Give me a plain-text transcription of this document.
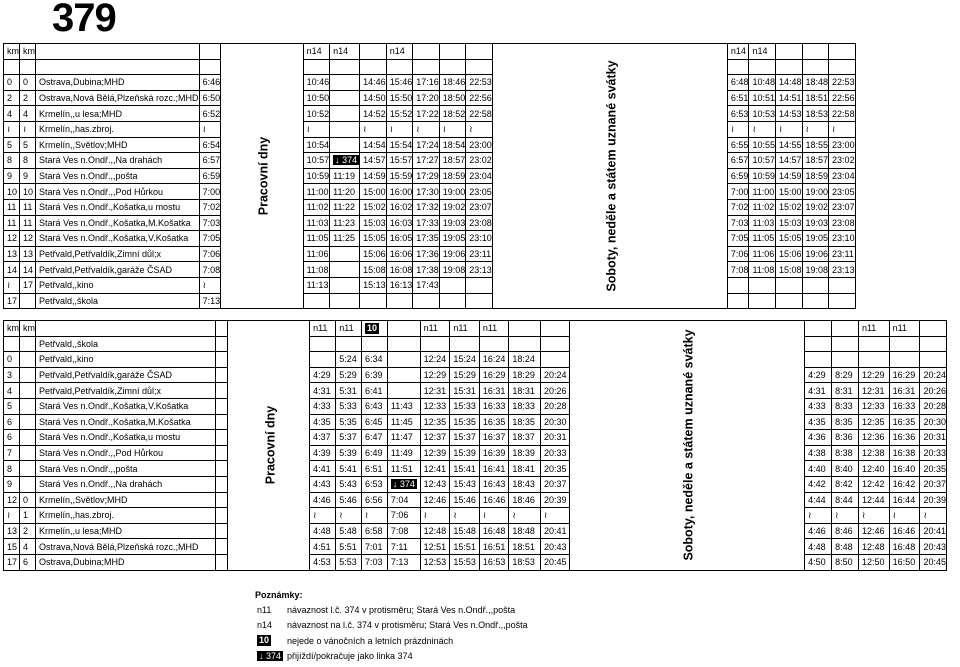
379
km	km			Pracovní dny	n14	n14		n14				Soboty, neděle a státem uznané svátky	n14	n14			

0	0	Ostrava,Dubina;MHD	6:46		10:46		14:46	15:46	17:16	18:46	22:53		6:48	10:48	14:48	18:48	22:53
2	2	Ostrava,Nová Bělá,Plzeňská rozc.;MHD	6:50		10:50		14:50	15:50	17:20	18:50	22:56		6:51	10:51	14:51	18:51	22:56
4	4	Krmelín,,u lesa;MHD	6:52		10:52		14:52	15:52	17:22	18:52	22:58		6:53	10:53	14:53	18:53	22:58
≀	≀	Krmelín,,has.zbroj.	≀		≀		≀	≀	≀	≀	≀		≀	≀	≀	≀	≀
5	5	Krmelín,,Světlov;MHD	6:54		10:54		14:54	15:54	17:24	18:54	23:00		6:55	10:55	14:55	18:55	23:00
8	8	Stará Ves n.Ondř.,,Na drahách	6:57		10:57	↓ 374	14:57	15:57	17:27	18:57	23:02		6:57	10:57	14:57	18:57	23:02
9	9	Stará Ves n.Ondř.,,pošta	6:59		10:59	11:19	14:59	15:59	17:29	18:59	23:04		6:59	10:59	14:59	18:59	23:04
10	10	Stará Ves n.Ondř.,,Pod Hůrkou	7:00		11:00	11:20	15:00	16:00	17:30	19:00	23:05		7:00	11:00	15:00	19:00	23:05
11	11	Stará Ves n.Ondř.,Košatka,u mostu	7:02		11:02	11:22	15:02	16:02	17:32	19:02	23:07		7:02	11:02	15:02	19:02	23:07
11	11	Stará Ves n.Ondř.,Košatka,M.Košatka	7:03		11:03	11:23	15:03	16:03	17:33	19:03	23:08		7:03	11:03	15:03	19:03	23:08
12	12	Stará Ves n.Ondř.,Košatka,V.Košatka	7:05		11:05	11:25	15:05	16:05	17:35	19:05	23:10		7:05	11:05	15:05	19:05	23:10
13	13	Petřvald,Petřvaldík,Zimní důl;x	7:06		11:06		15:06	16:06	17:36	19:06	23:11		7:06	11:06	15:06	19:06	23:11
14	14	Petřvald,Petřvaldík,garáže ČSAD	7:08		11:08		15:08	16:08	17:38	19:08	23:13		7:08	11:08	15:08	19:08	23:13
≀	17	Petřvald,,kino	≀		11:13		15:13	16:13	17:43								
17		Petřvald,,škola	7:13														
km	km			Pracovní dny	n11	n11	10		n11	n11	n11			Soboty, neděle a státem uznané svátky			n11	n11	
		Petřvald,,škola																	
0		Petřvald,,kino				5:24	6:34		12:24	15:24	16:24	18:24							
3		Petřvald,Petřvaldík,garáže ČSAD			4:29	5:29	6:39		12:29	15:29	16:29	18:29	20:24		4:29	8:29	12:29	16:29	20:24
4		Petřvald,Petřvaldík,Zimní důl;x			4:31	5:31	6:41		12:31	15:31	16:31	18:31	20:26		4:31	8:31	12:31	16:31	20:26
5		Stará Ves n.Ondř.,Košatka,V.Košatka			4:33	5:33	6:43	11:43	12:33	15:33	16:33	18:33	20:28		4:33	8:33	12:33	16:33	20:28
6		Stará Ves n.Ondř.,Košatka,M.Košatka			4:35	5:35	6:45	11:45	12:35	15:35	16:35	18:35	20:30		4:35	8:35	12:35	16:35	20:30
6		Stará Ves n.Ondř.,Košatka,u mostu			4:37	5:37	6:47	11:47	12:37	15:37	16:37	18:37	20:31		4:36	8:36	12:36	16:36	20:31
7		Stará Ves n.Ondř.,,Pod Hůrkou			4:39	5:39	6:49	11:49	12:39	15:39	16:39	18:39	20:33		4:38	8:38	12:38	16:38	20:33
8		Stará Ves n.Ondř.,,pošta			4:41	5:41	6:51	11:51	12:41	15:41	16:41	18:41	20:35		4:40	8:40	12:40	16:40	20:35
9		Stará Ves n.Ondř.,,Na drahách			4:43	5:43	6:53	↓ 374	12:43	15:43	16:43	18:43	20:37		4:42	8:42	12:42	16:42	20:37
12	0	Krmelín,,Světlov;MHD			4:46	5:46	6:56	7:04	12:46	15:46	16:46	18:46	20:39		4:44	8:44	12:44	16:44	20:39
≀	1	Krmelín,,has.zbroj.			≀	≀	≀	7:06	≀	≀	≀	≀	≀		≀	≀	≀	≀	≀
13	2	Krmelín,,u lesa;MHD			4:48	5:48	6:58	7:08	12:48	15:48	16:48	18:48	20:41		4:46	8:46	12:46	16:46	20:41
15	4	Ostrava,Nová Bělá,Plzeňská rozc.;MHD			4:51	5:51	7:01	7:11	12:51	15:51	16:51	18:51	20:43		4:48	8:48	12:48	16:48	20:43
17	6	Ostrava,Dubina;MHD			4:53	5:53	7:03	7:13	12:53	15:53	16:53	18:53	20:45		4:50	8:50	12:50	16:50	20:45
Poznámky:
n11	návaznost l.č. 374 v protisměru; Stará Ves n.Ondř.,,pošta
n14	návaznost na l.č. 374 v protisměru; Stará Ves n.Ondř.,,pošta
10	nejede o vánočních a letních prázdninách
↓ 374 přijíždí/pokračuje jako linka 374
